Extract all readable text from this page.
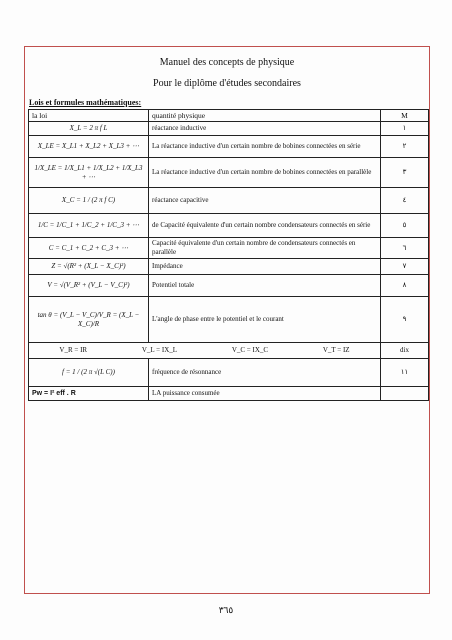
Manuel des concepts de physique
Pour le diplôme d'études secondaires
Lois et formules mathématiques:
la loi	quantité physique	M
X_L = 2 π f L	réactance inductive	١
X_LE = X_L1 + X_L2 + X_L3 + ⋯	La réactance inductive d'un certain nombre de bobines connectées en série	٢
1/X_LE = 1/X_L1 + 1/X_L2 + 1/X_L3 + ⋯	La réactance inductive d'un certain nombre de bobines connectées en parallèle	٣
X_C = 1 / (2 π f C)	réactance capacitive	٤
1/C = 1/C_1 + 1/C_2 + 1/C_3 + ⋯	de Capacité équivalente d'un certain nombre condensateurs connectés en série	٥
C = C_1 + C_2 + C_3 + ⋯	Capacité équivalente d'un certain nombre de condensateurs connectés en parallèle	٦
Z = √(R² + (X_L − X_C)²)	Impédance	٧
V = √(V_R² + (V_L − V_C)²)	Potentiel totale	٨
tan θ = (V_L − V_C)/V_R = (X_L − X_C)/R	L'angle de phase entre le potentiel et le courant	٩

V_R = IR V_L = IX_L V_C = IX_C V_T = IZ		dix
f = 1 / (2 π √(L C))	fréquence de résonnance	١١
Pw = I² eff . R	LA puissance consumée	
٣٦٥
